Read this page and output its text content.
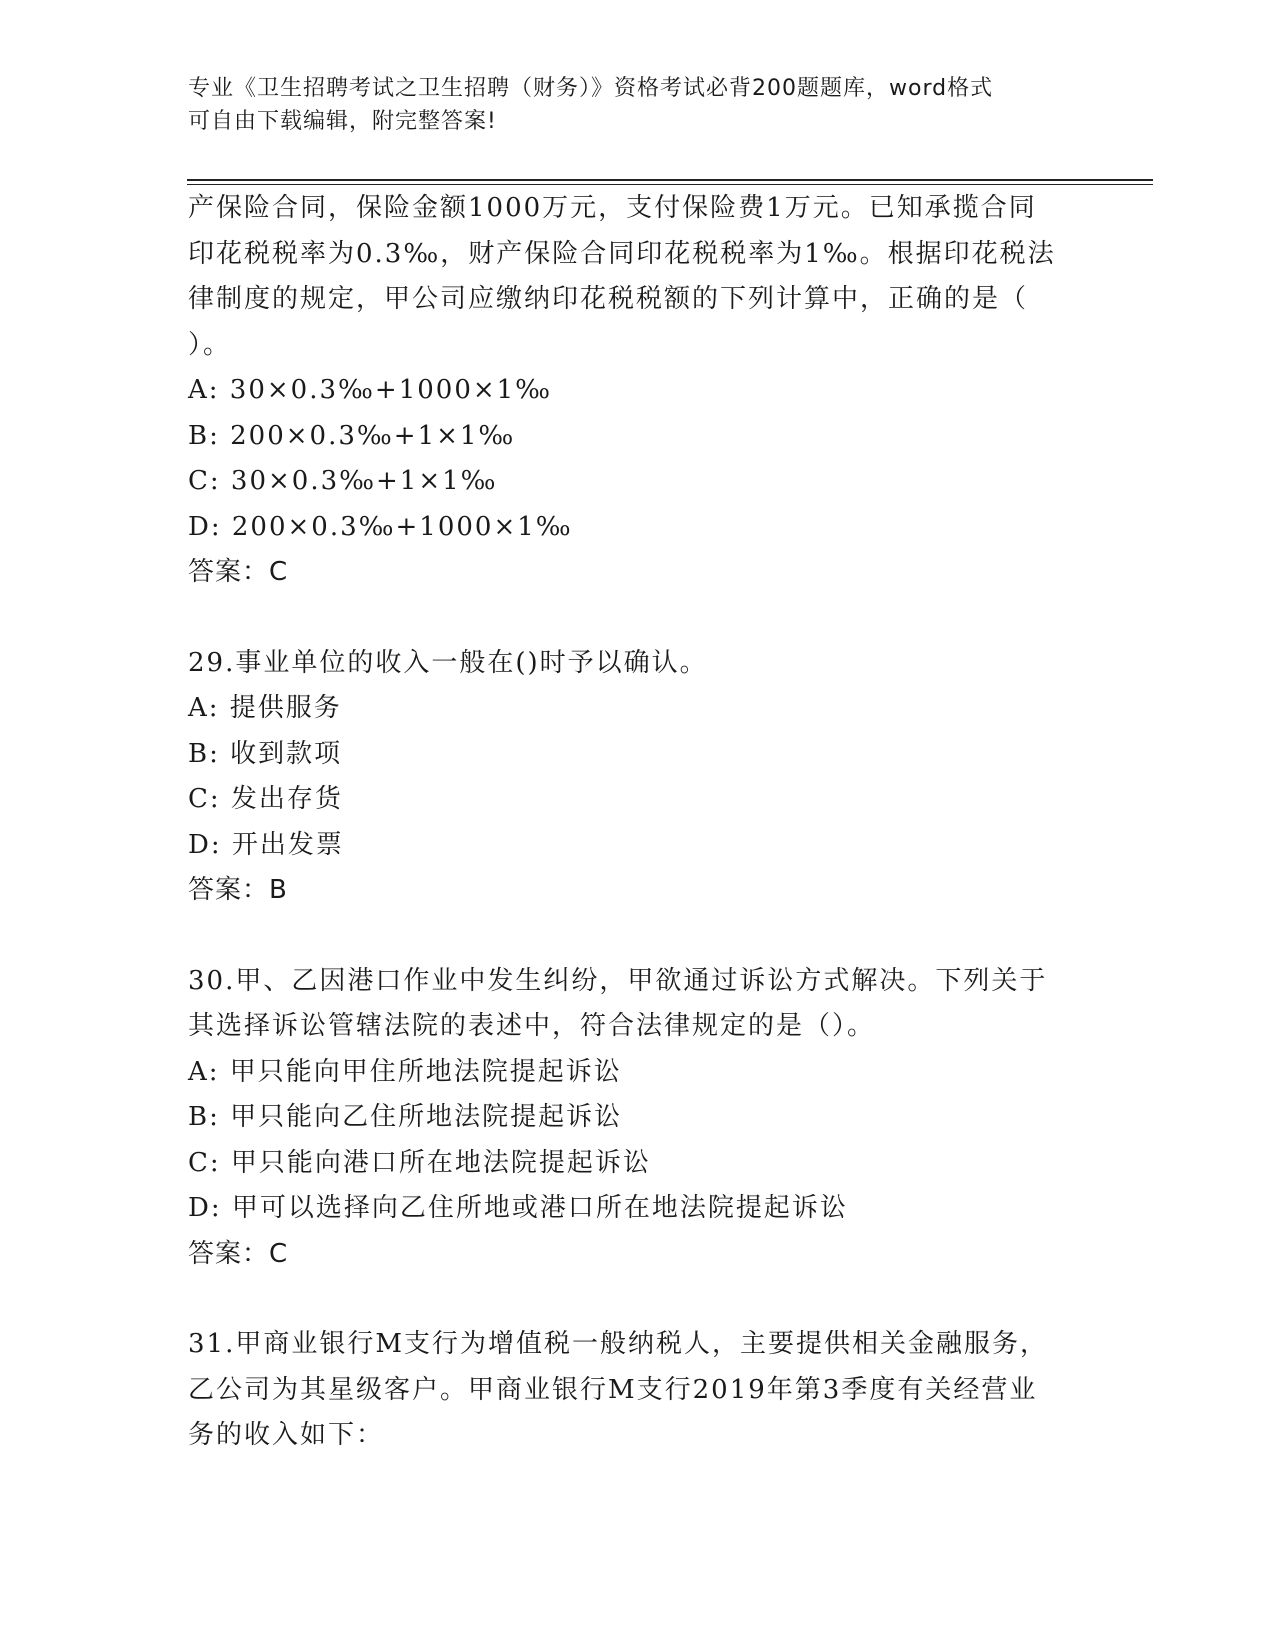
专业《卫生招聘考试之卫生招聘（财务）》资格考试必背200题题库，word格式
可自由下载编辑，附完整答案!
产保险合同，保险金额1000万元，支付保险费1万元。已知承揽合同
印花税税率为0.3‰，财产保险合同印花税税率为1‰。根据印花税法
律制度的规定，甲公司应缴纳印花税税额的下列计算中，正确的是（
）。
A: 30×0.3‰+1000×1‰
B: 200×0.3‰+1×1‰
C: 30×0.3‰+1×1‰
D: 200×0.3‰+1000×1‰
答案：C
29.事业单位的收入一般在()时予以确认。
A: 提供服务
B: 收到款项
C: 发出存货
D: 开出发票
答案：B
30.甲、乙因港口作业中发生纠纷，甲欲通过诉讼方式解决。下列关于
其选择诉讼管辖法院的表述中，符合法律规定的是（）。
A: 甲只能向甲住所地法院提起诉讼
B: 甲只能向乙住所地法院提起诉讼
C: 甲只能向港口所在地法院提起诉讼
D: 甲可以选择向乙住所地或港口所在地法院提起诉讼
答案：C
31.甲商业银行M支行为增值税一般纳税人，主要提供相关金融服务，
乙公司为其星级客户。甲商业银行M支行2019年第3季度有关经营业
务的收入如下：
